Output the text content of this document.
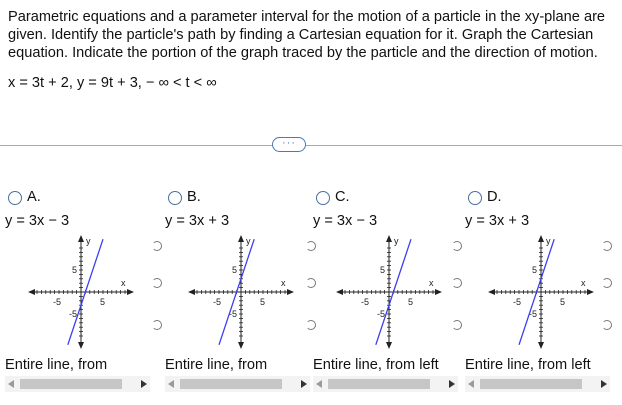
Parametric equations and a parameter interval for the motion of a particle in the xy-plane are given. Identify the particle's path by finding a Cartesian equation for it. Graph the Cartesian equation. Indicate the portion of the graph traced by the particle and the direction of motion.
x = 3t + 2, y = 9t + 3, − ∞ < t < ∞
···
A.
y = 3x − 3
5
-5
5
-5
y
x
Entire line, from
B.
y = 3x + 3
5
-5
5
-5
y
x
Entire line, from
C.
y = 3x − 3
5
-5
5
-5
y
x
Entire line, from left
D.
y = 3x + 3
5
-5
5
-5
y
x
Entire line, from left
